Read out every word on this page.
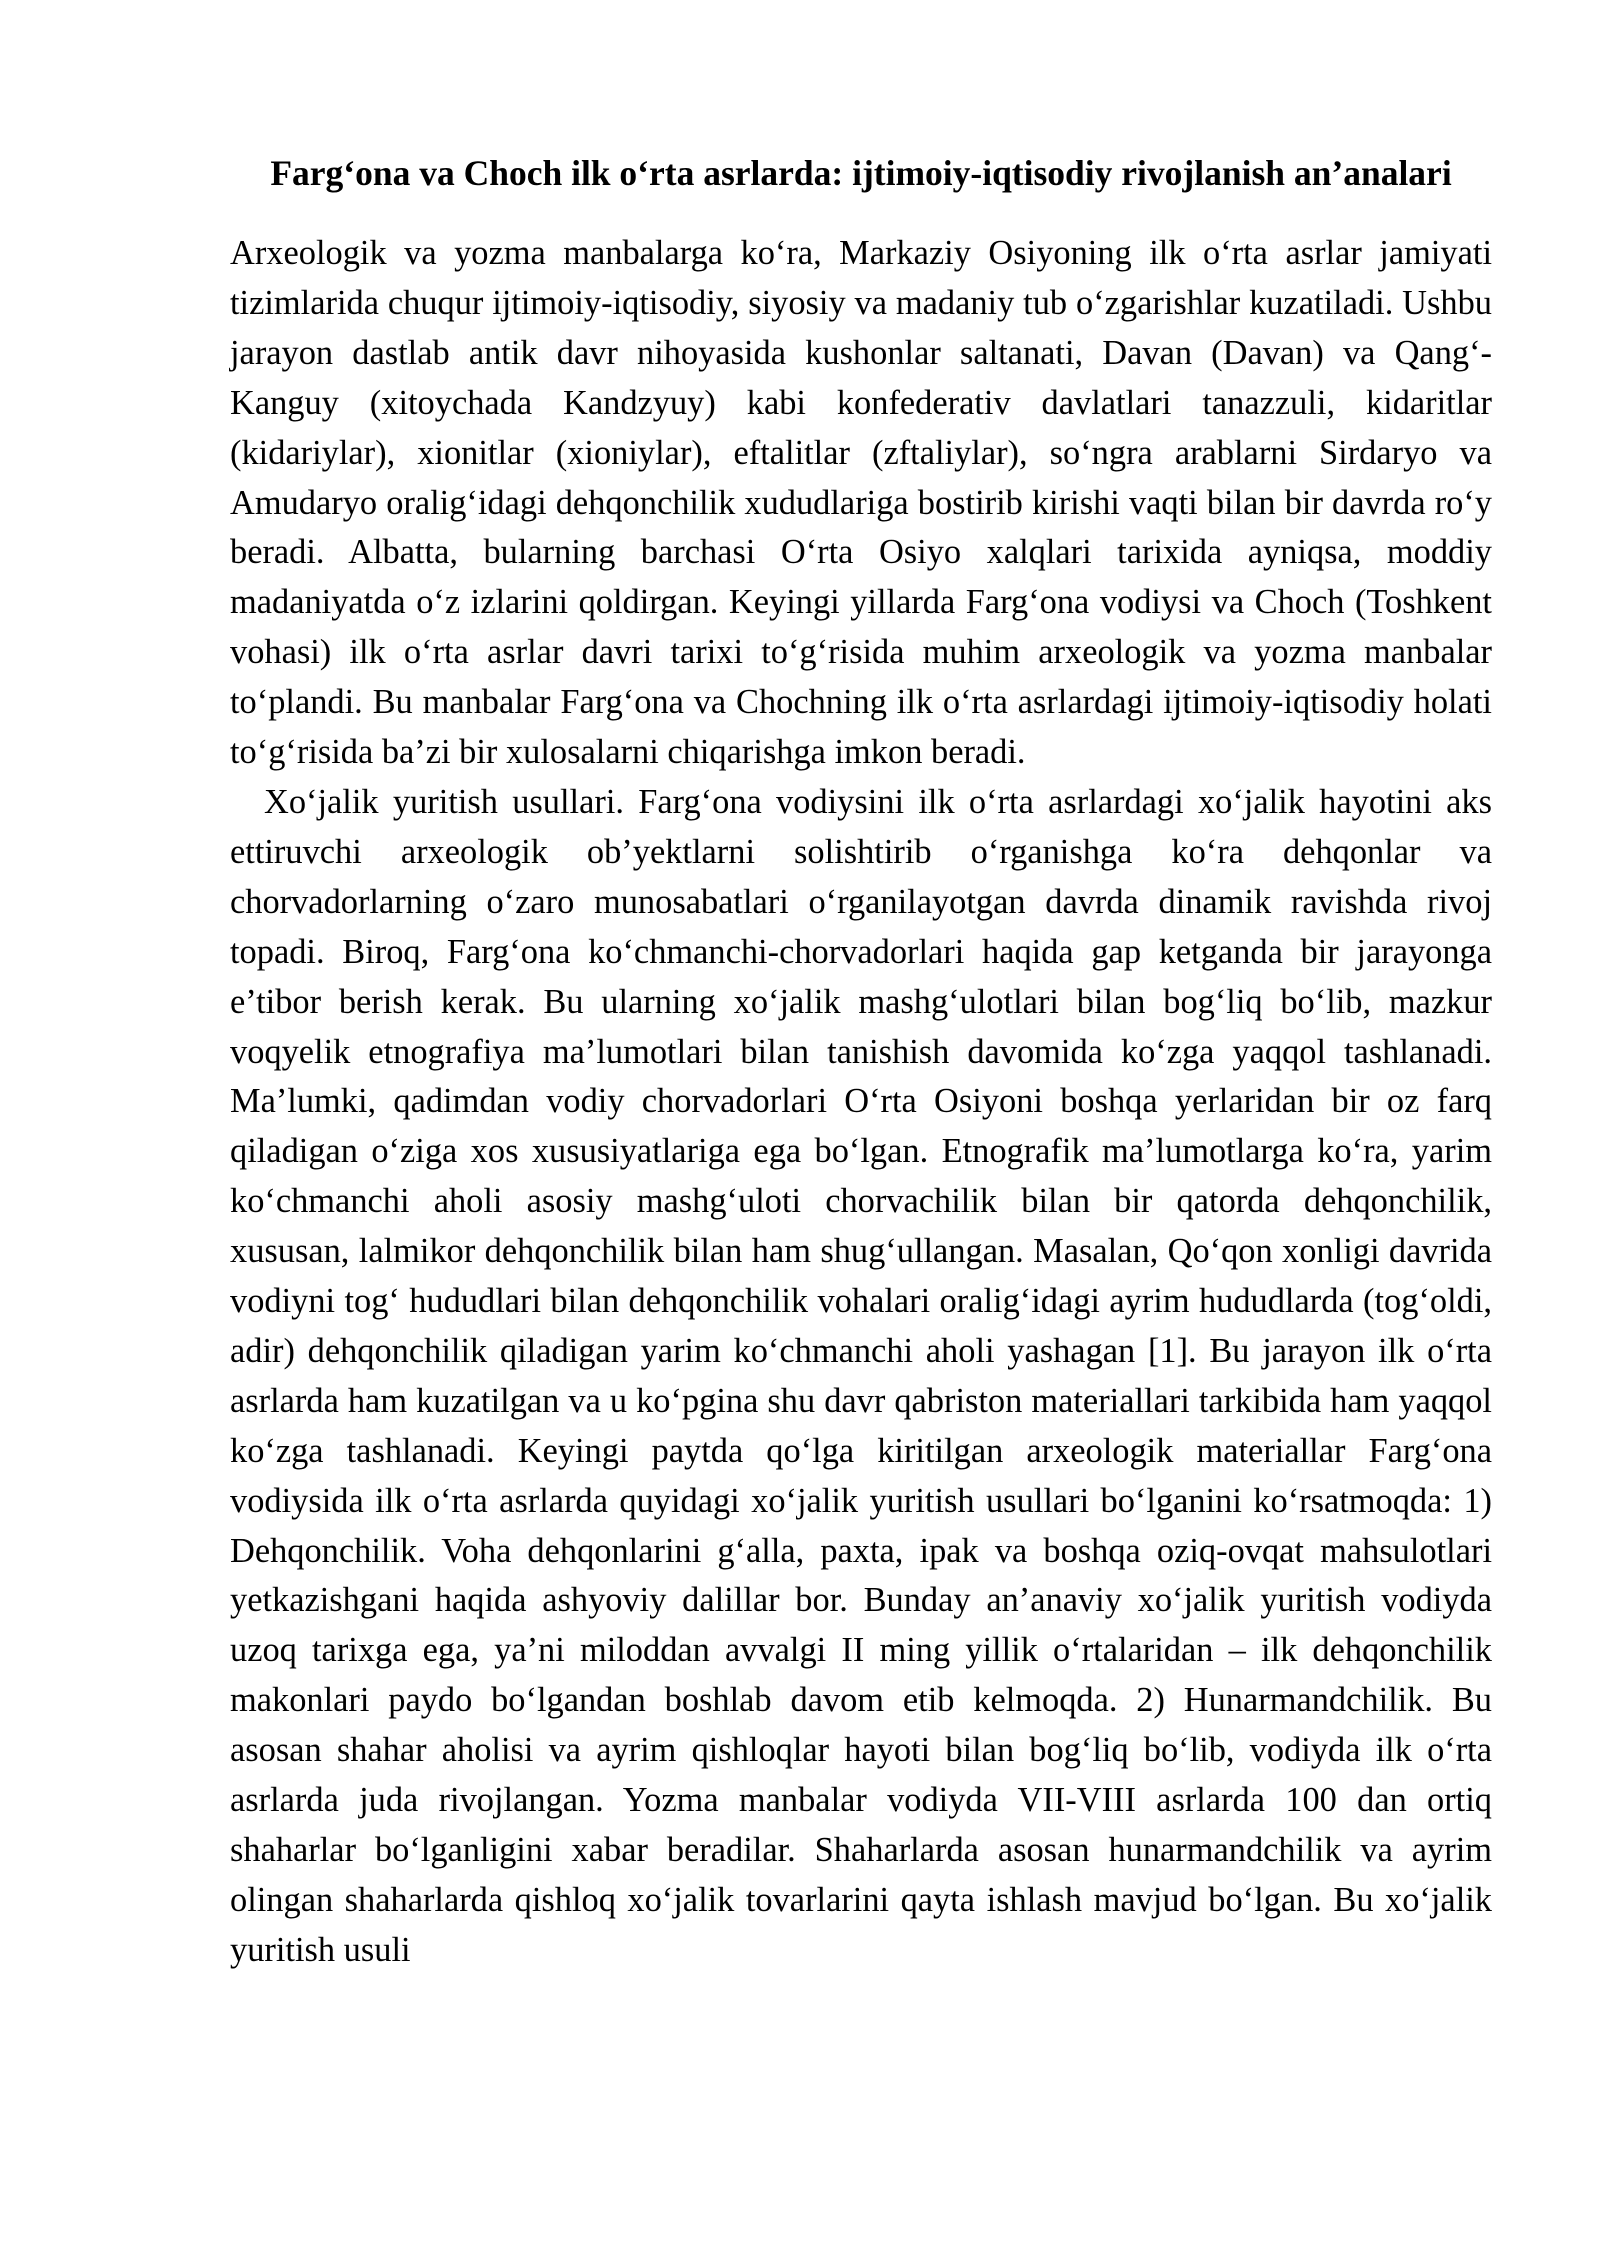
Farg‘ona va Choch ilk o‘rta asrlarda: ijtimoiy-iqtisodiy rivojlanish an’analari

Arxeologik va yozma manbalarga ko‘ra, Markaziy Osiyoning ilk o‘rta asrlar jamiyati tizimlarida chuqur ijtimoiy-iqtisodiy, siyosiy va madaniy tub o‘zgarishlar kuzatiladi. Ushbu jarayon dastlab antik davr nihoyasida kushonlar saltanati, Davan (Davan) va Qang‘-Kanguy (xitoychada Kandzyuy) kabi konfederativ davlatlari tanazzuli, kidaritlar (kidariylar), xionitlar (xioniylar), eftalitlar (zftaliylar), so‘ngra arablarni Sirdaryo va Amudaryo oralig‘idagi dehqonchilik xududlariga bostirib kirishi vaqti bilan bir davrda ro‘y beradi. Albatta, bularning barchasi O‘rta Osiyo xalqlari tarixida ayniqsa, moddiy madaniyatda o‘z izlarini qoldirgan. Keyingi yillarda Farg‘ona vodiysi va Choch (Toshkent vohasi) ilk o‘rta asrlar davri tarixi to‘g‘risida muhim arxeologik va yozma manbalar to‘plandi. Bu manbalar Farg‘ona va Chochning ilk o‘rta asrlardagi ijtimoiy-iqtisodiy holati to‘g‘risida ba’zi bir xulosalarni chiqarishga imkon beradi.

Xo‘jalik yuritish usullari. Farg‘ona vodiysini ilk o‘rta asrlardagi xo‘jalik hayotini aks ettiruvchi arxeologik ob’yektlarni solishtirib o‘rganishga ko‘ra dehqonlar va chorvadorlarning o‘zaro munosabatlari o‘rganilayotgan davrda dinamik ravishda rivoj topadi. Biroq, Farg‘ona ko‘chmanchi-chorvadorlari haqida gap ketganda bir jarayonga e’tibor berish kerak. Bu ularning xo‘jalik mashg‘ulotlari bilan bog‘liq bo‘lib, mazkur voqyelik etnografiya ma’lumotlari bilan tanishish davomida ko‘zga yaqqol tashlanadi. Ma’lumki, qadimdan vodiy chorvadorlari O‘rta Osiyoni boshqa yerlaridan bir oz farq qiladigan o‘ziga xos xususiyatlariga ega bo‘lgan. Etnografik ma’lumotlarga ko‘ra, yarim ko‘chmanchi aholi asosiy mashg‘uloti chorvachilik bilan bir qatorda dehqonchilik, xususan, lalmikor dehqonchilik bilan ham shug‘ullangan. Masalan, Qo‘qon xonligi davrida vodiyni tog‘ hududlari bilan dehqonchilik vohalari oralig‘idagi ayrim hududlarda (tog‘oldi, adir) dehqonchilik qiladigan yarim ko‘chmanchi aholi yashagan [1]. Bu jarayon ilk o‘rta asrlarda ham kuzatilgan va u ko‘pgina shu davr qabriston materiallari tarkibida ham yaqqol ko‘zga tashlanadi. Keyingi paytda qo‘lga kiritilgan arxeologik materiallar Farg‘ona vodiysida ilk o‘rta asrlarda quyidagi xo‘jalik yuritish usullari bo‘lganini ko‘rsatmoqda: 1) Dehqonchilik. Voha dehqonlarini g‘alla, paxta, ipak va boshqa oziq-ovqat mahsulotlari yetkazishgani haqida ashyoviy dalillar bor. Bunday an’anaviy xo‘jalik yuritish vodiyda uzoq tarixga ega, ya’ni miloddan avvalgi II ming yillik o‘rtalaridan – ilk dehqonchilik makonlari paydo bo‘lgandan boshlab davom etib kelmoqda. 2) Hunarmandchilik. Bu asosan shahar aholisi va ayrim qishloqlar hayoti bilan bog‘liq bo‘lib, vodiyda ilk o‘rta asrlarda juda rivojlangan. Yozma manbalar vodiyda VII-VIII asrlarda 100 dan ortiq shaharlar bo‘lganligini xabar beradilar. Shaharlarda asosan hunarmandchilik va ayrim olingan shaharlarda qishloq xo‘jalik tovarlarini qayta ishlash mavjud bo‘lgan. Bu xo‘jalik yuritish usuli
